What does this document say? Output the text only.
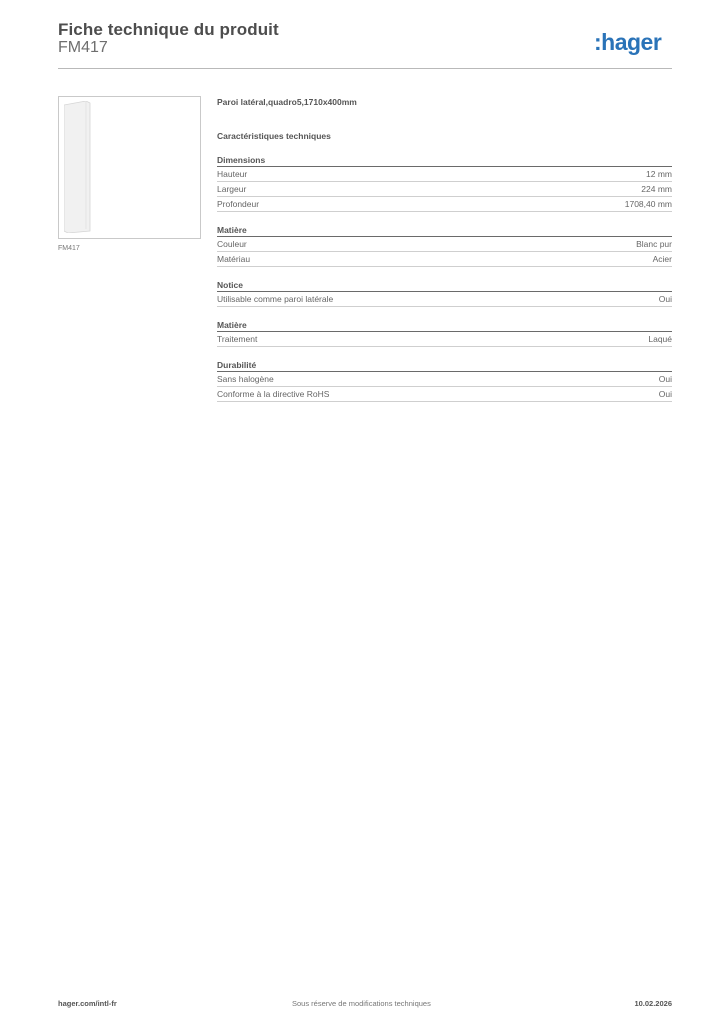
Fiche technique du produit
FM417	:hager
FM417
Paroi latéral,quadro5,1710x400mm
Caractéristiques techniques
Dimensions
Hauteur	12 mm
Largeur	224 mm
Profondeur	1708,40 mm
Matière
Couleur	Blanc pur
Matériau	Acier
Notice
Utilisable comme paroi latérale	Oui
Matière
Traitement	Laqué
Durabilité
Sans halogène	Oui
Conforme à la directive RoHS	Oui
hager.com/intl-fr	Sous réserve de modifications techniques	10.02.2026
